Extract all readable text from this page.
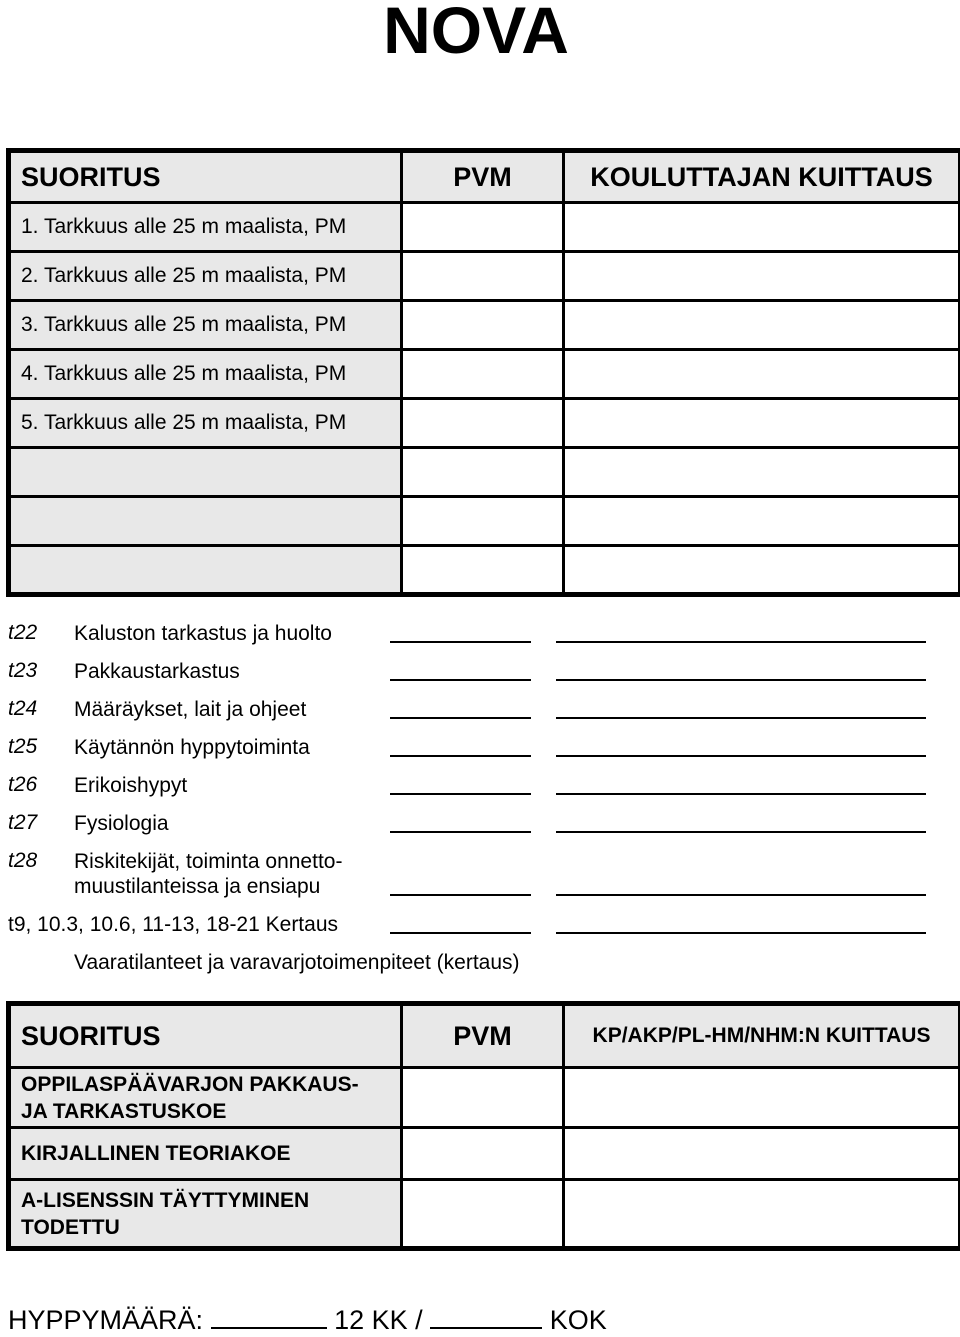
NOVA
SUORITUS	PVM	KOULUTTAJAN KUITTAUS
1. Tarkkuus alle 25 m maalista, PM		
2. Tarkkuus alle 25 m maalista, PM		
3. Tarkkuus alle 25 m maalista, PM		
4. Tarkkuus alle 25 m maalista, PM		
5. Tarkkuus alle 25 m maalista, PM		

t22 Kaluston tarkastus ja huolto
t23 Pakkaustarkastus
t24 Määräykset, lait ja ohjeet
t25 Käytännön hyppytoiminta
t26 Erikoishypyt
t27 Fysiologia
t28 Riskitekijät, toiminta onnetto-
muustilanteissa ja ensiapu
t9, 10.3, 10.6, 11-13, 18-21 Kertaus
Vaaratilanteet ja varavarjotoimenpiteet (kertaus)
SUORITUS	PVM	KP/AKP/PL-HM/NHM:N KUITTAUS

OPPILASPÄÄVARJON PAKKAUS-
JA TARKASTUSKOE		

KIRJALLINEN TEORIAKOE		

A-LISENSSIN TÄYTTYMINEN
TODETTU		

HYPPYMÄÄRÄ:	12 KK /	KOK
